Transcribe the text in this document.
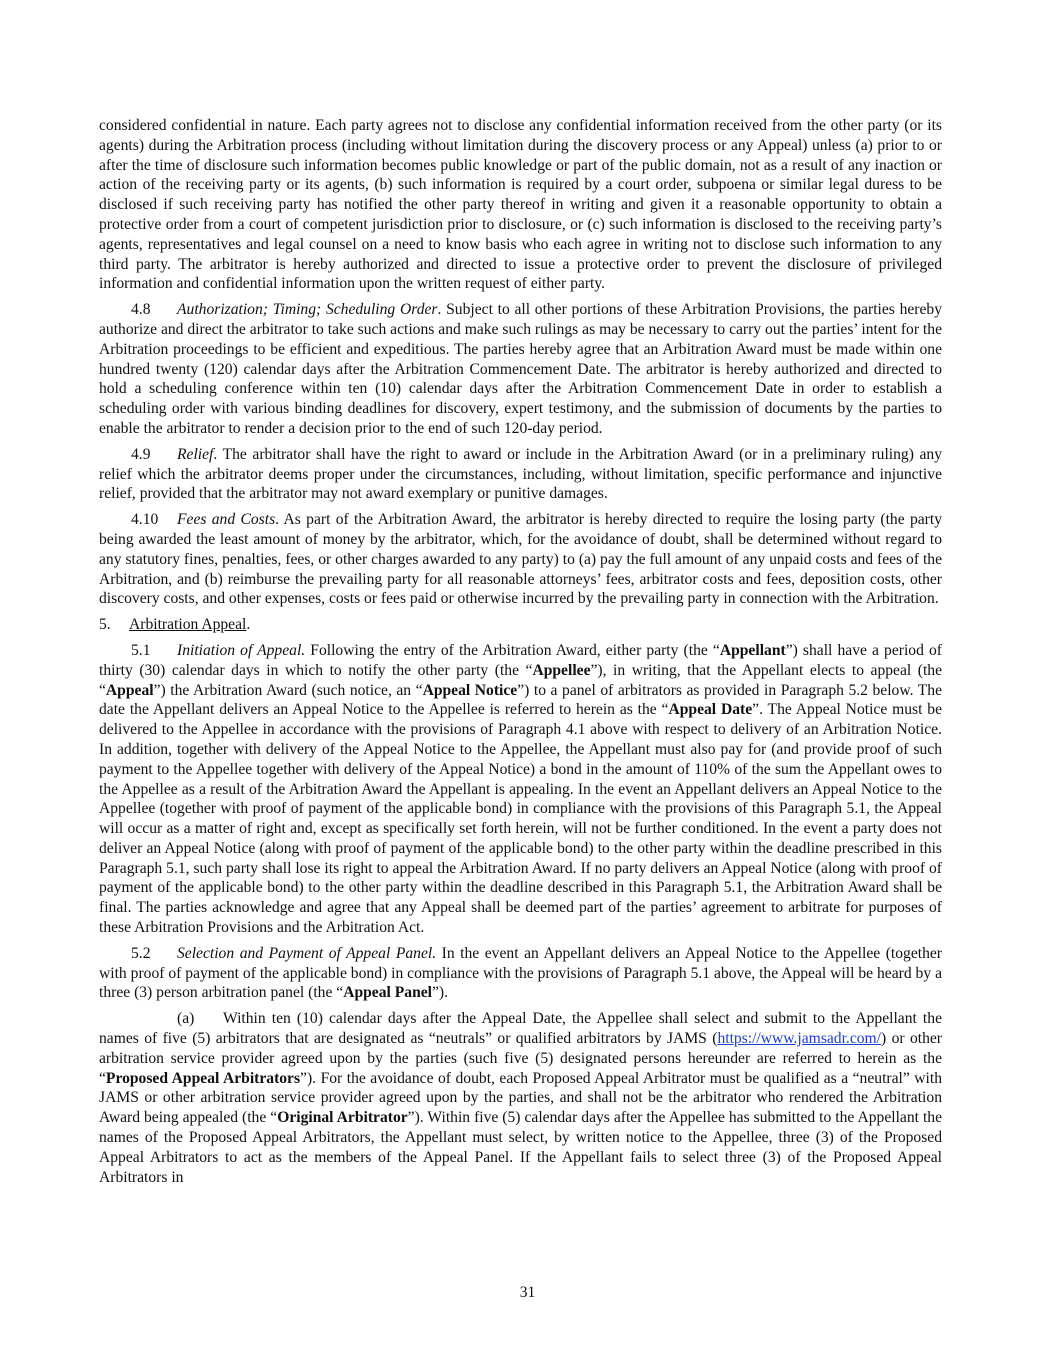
considered confidential in nature. Each party agrees not to disclose any confidential information received from the other party (or its agents) during the Arbitration process (including without limitation during the discovery process or any Appeal) unless (a) prior to or after the time of disclosure such information becomes public knowledge or part of the public domain, not as a result of any inaction or action of the receiving party or its agents, (b) such information is required by a court order, subpoena or similar legal duress to be disclosed if such receiving party has notified the other party thereof in writing and given it a reasonable opportunity to obtain a protective order from a court of competent jurisdiction prior to disclosure, or (c) such information is disclosed to the receiving party’s agents, representatives and legal counsel on a need to know basis who each agree in writing not to disclose such information to any third party. The arbitrator is hereby authorized and directed to issue a protective order to prevent the disclosure of privileged information and confidential information upon the written request of either party.

4.8 Authorization; Timing; Scheduling Order. Subject to all other portions of these Arbitration Provisions, the parties hereby authorize and direct the arbitrator to take such actions and make such rulings as may be necessary to carry out the parties’ intent for the Arbitration proceedings to be efficient and expeditious. The parties hereby agree that an Arbitration Award must be made within one hundred twenty (120) calendar days after the Arbitration Commencement Date. The arbitrator is hereby authorized and directed to hold a scheduling conference within ten (10) calendar days after the Arbitration Commencement Date in order to establish a scheduling order with various binding deadlines for discovery, expert testimony, and the submission of documents by the parties to enable the arbitrator to render a decision prior to the end of such 120-day period.

4.9 Relief. The arbitrator shall have the right to award or include in the Arbitration Award (or in a preliminary ruling) any relief which the arbitrator deems proper under the circumstances, including, without limitation, specific performance and injunctive relief, provided that the arbitrator may not award exemplary or punitive damages.

4.10 Fees and Costs. As part of the Arbitration Award, the arbitrator is hereby directed to require the losing party (the party being awarded the least amount of money by the arbitrator, which, for the avoidance of doubt, shall be determined without regard to any statutory fines, penalties, fees, or other charges awarded to any party) to (a) pay the full amount of any unpaid costs and fees of the Arbitration, and (b) reimburse the prevailing party for all reasonable attorneys’ fees, arbitrator costs and fees, deposition costs, other discovery costs, and other expenses, costs or fees paid or otherwise incurred by the prevailing party in connection with the Arbitration.

5. Arbitration Appeal.

5.1 Initiation of Appeal. Following the entry of the Arbitration Award, either party (the “Appellant”) shall have a period of thirty (30) calendar days in which to notify the other party (the “Appellee”), in writing, that the Appellant elects to appeal (the “Appeal”) the Arbitration Award (such notice, an “Appeal Notice”) to a panel of arbitrators as provided in Paragraph 5.2 below. The date the Appellant delivers an Appeal Notice to the Appellee is referred to herein as the “Appeal Date”. The Appeal Notice must be delivered to the Appellee in accordance with the provisions of Paragraph 4.1 above with respect to delivery of an Arbitration Notice. In addition, together with delivery of the Appeal Notice to the Appellee, the Appellant must also pay for (and provide proof of such payment to the Appellee together with delivery of the Appeal Notice) a bond in the amount of 110% of the sum the Appellant owes to the Appellee as a result of the Arbitration Award the Appellant is appealing. In the event an Appellant delivers an Appeal Notice to the Appellee (together with proof of payment of the applicable bond) in compliance with the provisions of this Paragraph 5.1, the Appeal will occur as a matter of right and, except as specifically set forth herein, will not be further conditioned. In the event a party does not deliver an Appeal Notice (along with proof of payment of the applicable bond) to the other party within the deadline prescribed in this Paragraph 5.1, such party shall lose its right to appeal the Arbitration Award. If no party delivers an Appeal Notice (along with proof of payment of the applicable bond) to the other party within the deadline described in this Paragraph 5.1, the Arbitration Award shall be final. The parties acknowledge and agree that any Appeal shall be deemed part of the parties’ agreement to arbitrate for purposes of these Arbitration Provisions and the Arbitration Act.

5.2 Selection and Payment of Appeal Panel. In the event an Appellant delivers an Appeal Notice to the Appellee (together with proof of payment of the applicable bond) in compliance with the provisions of Paragraph 5.1 above, the Appeal will be heard by a three (3) person arbitration panel (the “Appeal Panel”).

(a) Within ten (10) calendar days after the Appeal Date, the Appellee shall select and submit to the Appellant the names of five (5) arbitrators that are designated as “neutrals” or qualified arbitrators by JAMS (https://www.jamsadr.com/) or other arbitration service provider agreed upon by the parties (such five (5) designated persons hereunder are referred to herein as the “Proposed Appeal Arbitrators”). For the avoidance of doubt, each Proposed Appeal Arbitrator must be qualified as a “neutral” with JAMS or other arbitration service provider agreed upon by the parties, and shall not be the arbitrator who rendered the Arbitration Award being appealed (the “Original Arbitrator”). Within five (5) calendar days after the Appellee has submitted to the Appellant the names of the Proposed Appeal Arbitrators, the Appellant must select, by written notice to the Appellee, three (3) of the Proposed Appeal Arbitrators to act as the members of the Appeal Panel. If the Appellant fails to select three (3) of the Proposed Appeal Arbitrators in

31
